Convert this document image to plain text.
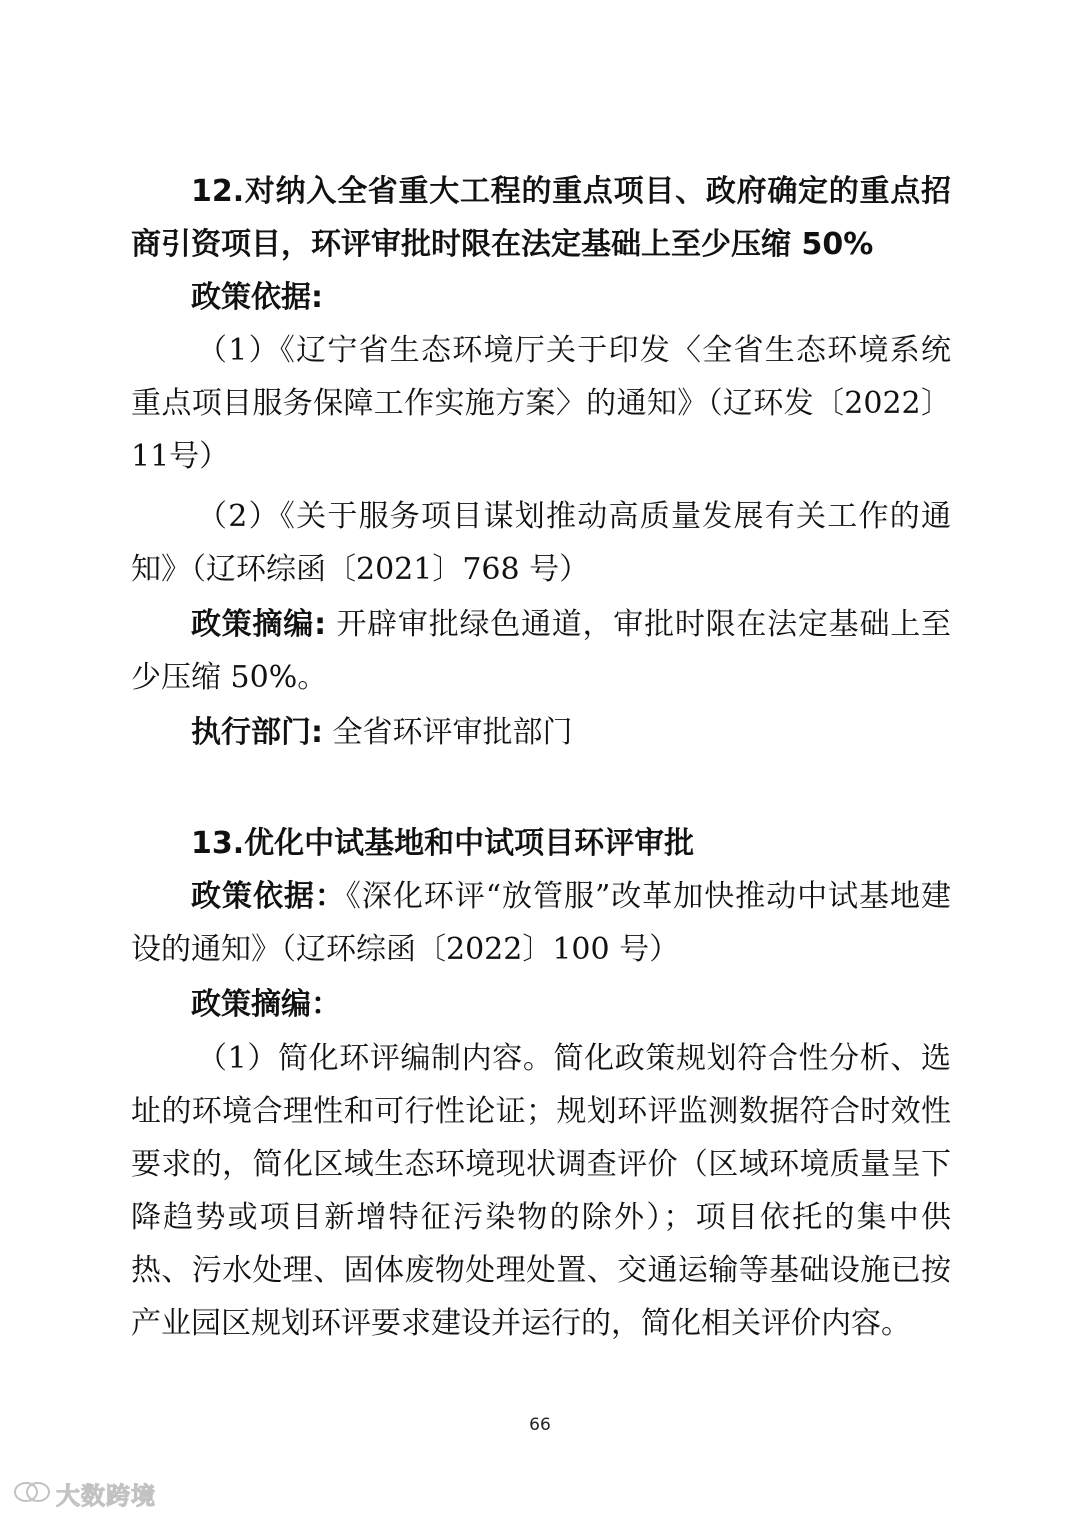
12.对纳入全省重大工程的重点项目、政府确定的重点招商引资项目，环评审批时限在法定基础上至少压缩 50%

政策依据:

（1）《辽宁省生态环境厅关于印发〈全省生态环境系统重点项目服务保障工作实施方案〉的通知》（辽环发〔2022〕11号）

（2）《关于服务项目谋划推动高质量发展有关工作的通知》（辽环综函〔2021〕768 号）

政策摘编: 开辟审批绿色通道，审批时限在法定基础上至少压缩 50%。

执行部门: 全省环评审批部门

13.优化中试基地和中试项目环评审批

政策依据：《深化环评“放管服”改革加快推动中试基地建设的通知》（辽环综函〔2022〕100 号）

政策摘编：

（1）简化环评编制内容。简化政策规划符合性分析、选址的环境合理性和可行性论证；规划环评监测数据符合时效性要求的，简化区域生态环境现状调查评价（区域环境质量呈下降趋势或项目新增特征污染物的除外）；项目依托的集中供热、污水处理、固体废物处理处置、交通运输等基础设施已按产业园区规划环评要求建设并运行的，简化相关评价内容。

66
大数跨境
